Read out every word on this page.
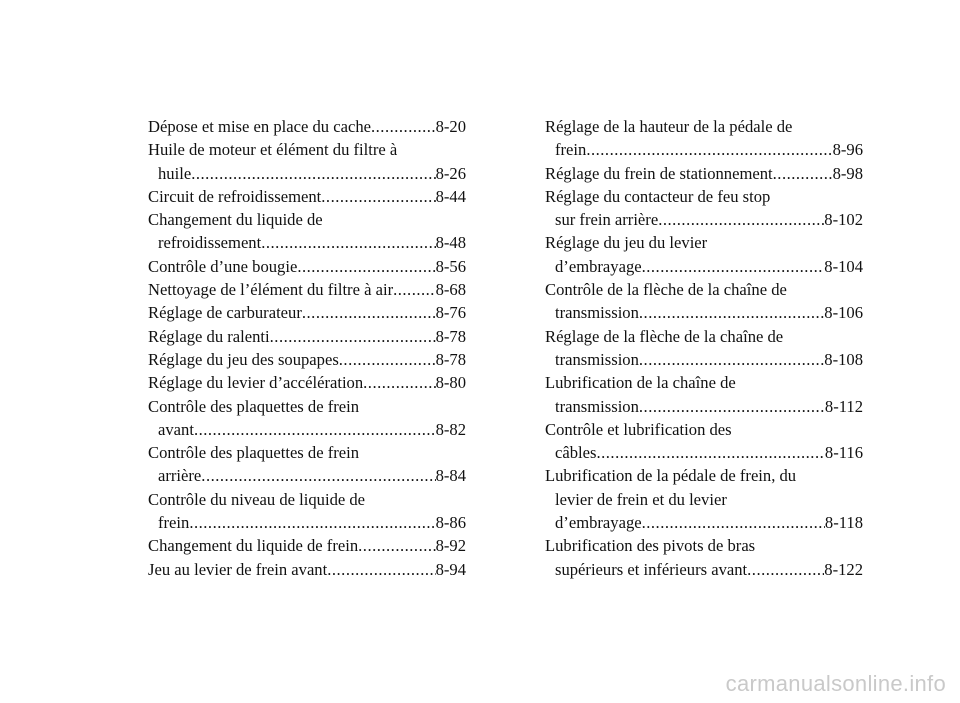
Dépose et mise en place du cache .....	8-20
Huile de moteur et élément du filtre à
huile .....	8-26
Circuit de refroidissement .....	8-44
Changement du liquide de
refroidissement .....	8-48
Contrôle d’une bougie .....	8-56
Nettoyage de l’élément du filtre à air .....	8-68
Réglage de carburateur .....	8-76
Réglage du ralenti .....	8-78
Réglage du jeu des soupapes .....	8-78
Réglage du levier d’accélération .....	8-80
Contrôle des plaquettes de frein
avant .....	8-82
Contrôle des plaquettes de frein
arrière .....	8-84
Contrôle du niveau de liquide de
frein .....	8-86
Changement du liquide de frein .....	8-92
Jeu au levier de frein avant .....	8-94
Réglage de la hauteur de la pédale de
frein .....	8-96
Réglage du frein de stationnement .....	8-98
Réglage du contacteur de feu stop
sur frein arrière .....	8-102
Réglage du jeu du levier
d’embrayage .....	8-104
Contrôle de la flèche de la chaîne de
transmission .....	8-106
Réglage de la flèche de la chaîne de
transmission .....	8-108
Lubrification de la chaîne de
transmission .....	8-112
Contrôle et lubrification des
câbles .....	8-116
Lubrification de la pédale de frein, du
levier de frein et du levier
d’embrayage .....	8-118
Lubrification des pivots de bras
supérieurs et inférieurs avant .....	8-122
carmanualsonline.info
